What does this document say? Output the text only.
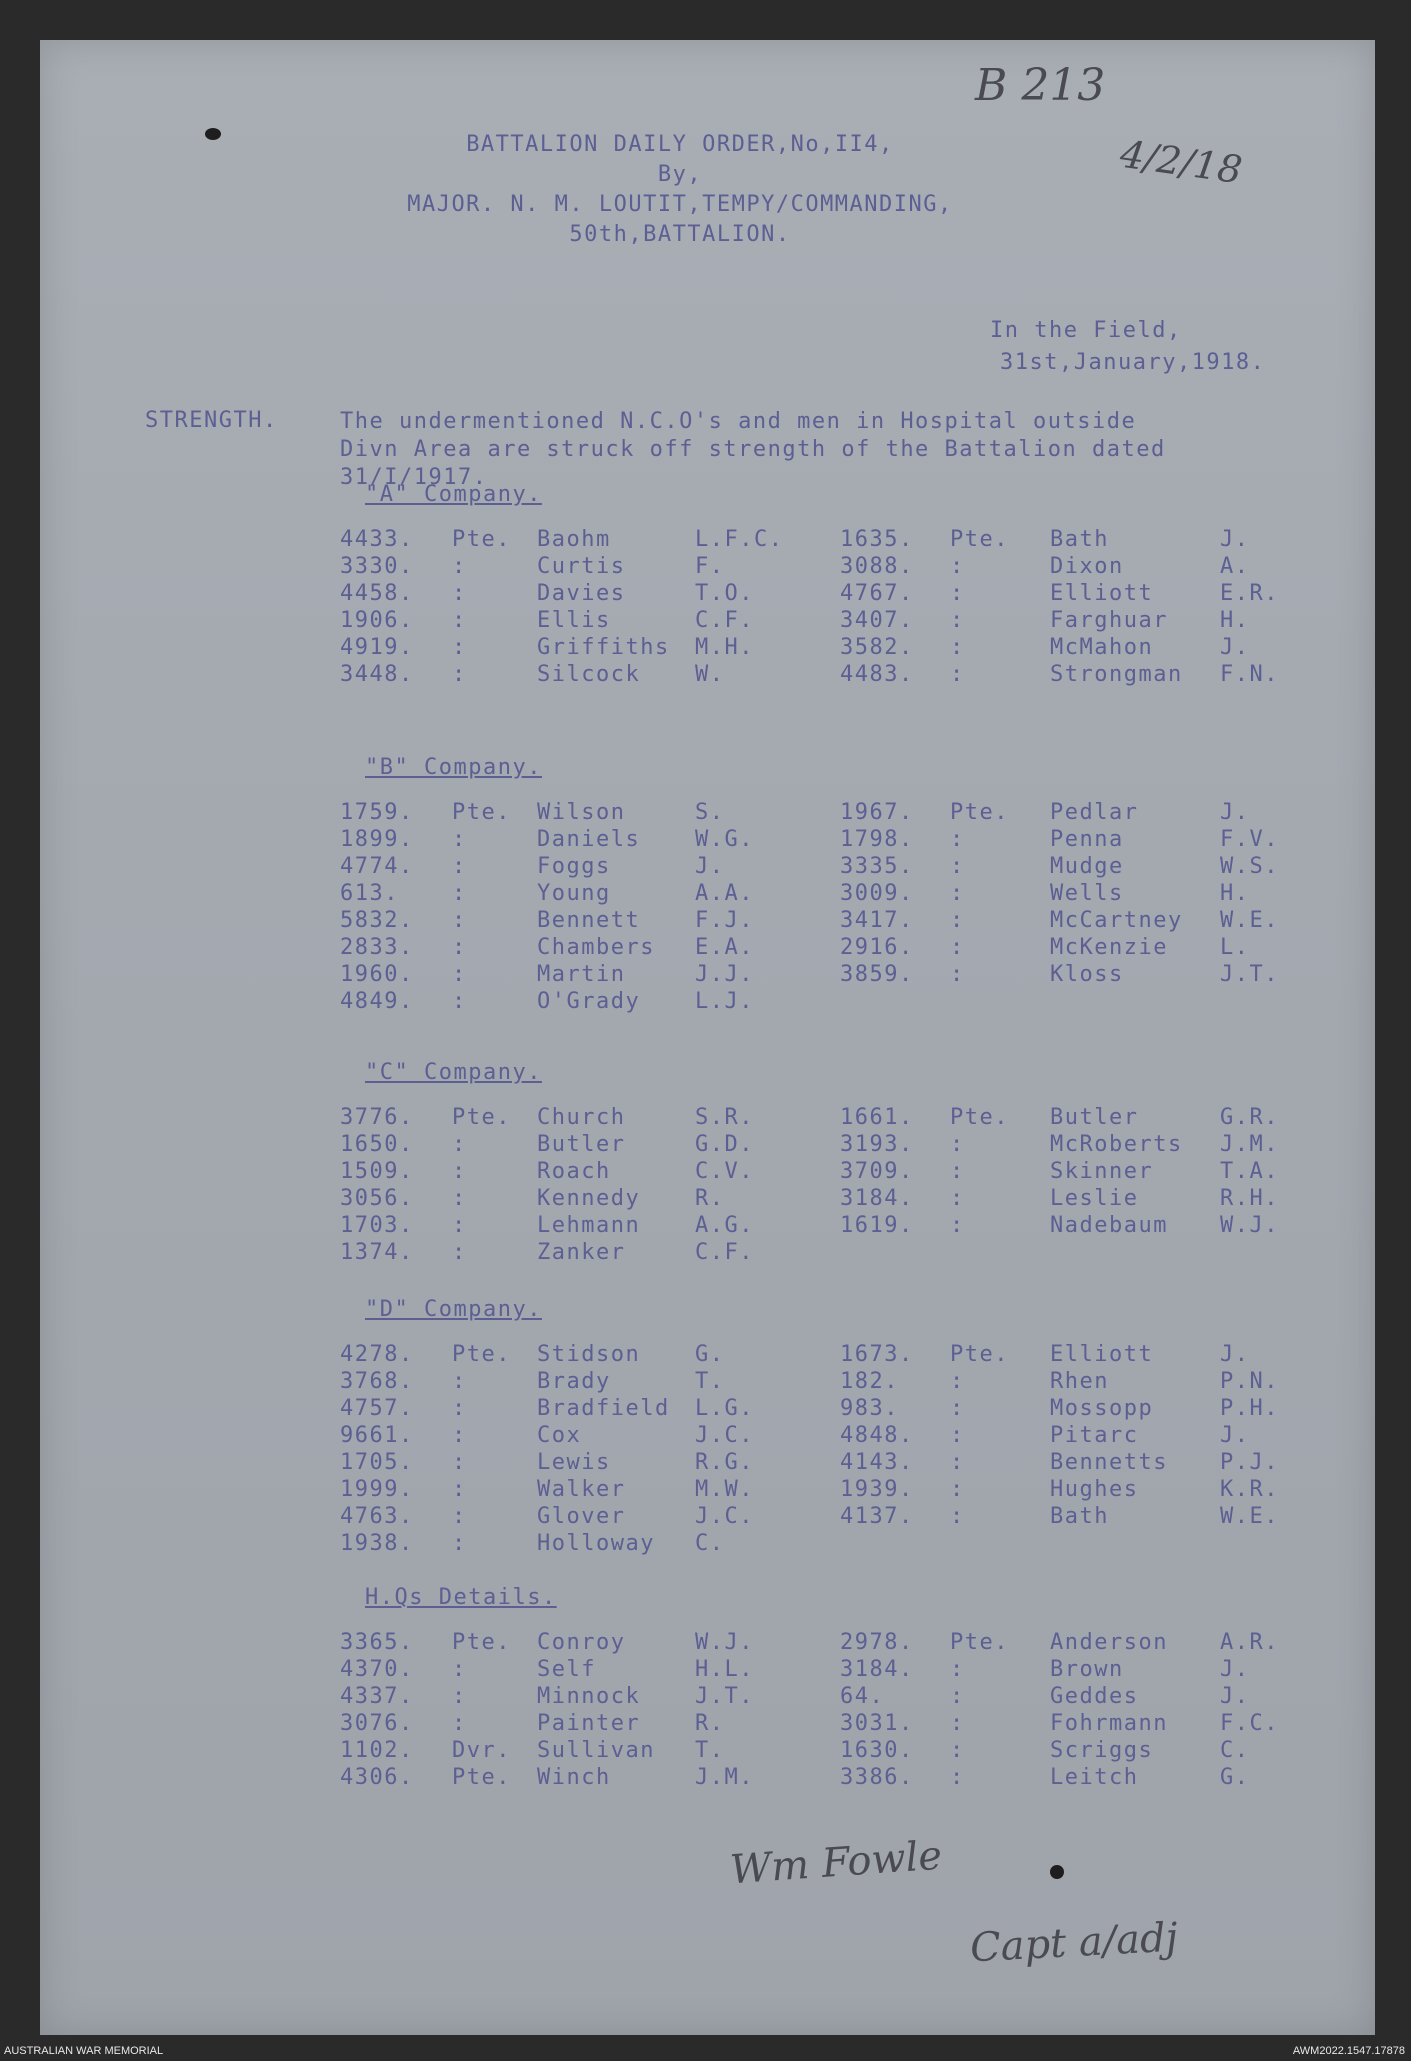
BATTALION DAILY ORDER,No,II4,
By,
MAJOR. N. M. LOUTIT,TEMPY/COMMANDING,
50th,BATTALION.
B 213
4/2/18
In the Field,
31st,January,1918.
STRENGTH.	The undermentioned N.C.O's and men in Hospital outside
Divn Area are struck off strength of the Battalion dated
31/I/1917.
"A" Company.
4433. Pte. Baohm	L.F.C.	1635. Pte. Bath	J.
3330. :	Curtis	F.	3088. :	Dixon	A.
4458. :	Davies	T.O.	4767. :	Elliott	E.R.
1906. :	Ellis	C.F.	3407. :	Farghuar H.
4919. :	Griffiths M.H.	3582. :	McMahon	J.
3448. :	Silcock W.	4483. :	Strongman F.N.
"B" Company.
1759. Pte. Wilson	S.	1967. Pte. Pedlar	J.
1899. :	Daniels W.G.	1798. :	Penna	F.V.
4774. :	Foggs	J.	3335. :	Mudge	W.S.
613. :	Young	A.A.	3009. :	Wells	H.
5832. :	Bennett F.J.	3417. :	McCartney W.E.
2833. :	Chambers E.A.	2916. :	McKenzie L.
1960. :	Martin	J.J.	3859. :	Kloss	J.T.
4849. :	O'Grady L.J.
"C" Company.
3776. Pte. Church	S.R.	1661. Pte. Butler	G.R.
1650. :	Butler	G.D.	3193. :	McRoberts J.M.
1509. :	Roach	C.V.	3709. :	Skinner	T.A.
3056. :	Kennedy R.	3184. :	Leslie	R.H.
1703. :	Lehmann A.G.	1619. :	Nadebaum W.J.
1374. :	Zanker	C.F.
"D" Company.
4278. Pte. Stidson G.	1673. Pte. Elliott	J.
3768. :	Brady	T.	182. :	Rhen	P.N.
4757. :	Bradfield L.G.	983. :	Mossopp	P.H.
9661. :	Cox	J.C.	4848. :	Pitarc	J.
1705. :	Lewis	R.G.	4143. :	Bennetts P.J.
1999. :	Walker	M.W.	1939. :	Hughes	K.R.
4763. :	Glover	J.C.	4137. :	Bath	W.E.
1938. :	Holloway C.
H.Qs Details.
3365. Pte. Conroy	W.J.	2978. Pte. Anderson A.R.
4370. :	Self	H.L.	3184. :	Brown	J.
4337. :	Minnock J.T.	64.	:	Geddes	J.
3076. :	Painter R.	3031. :	Fohrmann F.C.
1102. Dvr. Sullivan T.	1630. :	Scriggs	C.
4306. Pte. Winch	J.M.	3386. :	Leitch	G.
Wm Fowle
Capt a/adj
AUSTRALIAN WAR MEMORIAL	AWM2022.1547.17878
